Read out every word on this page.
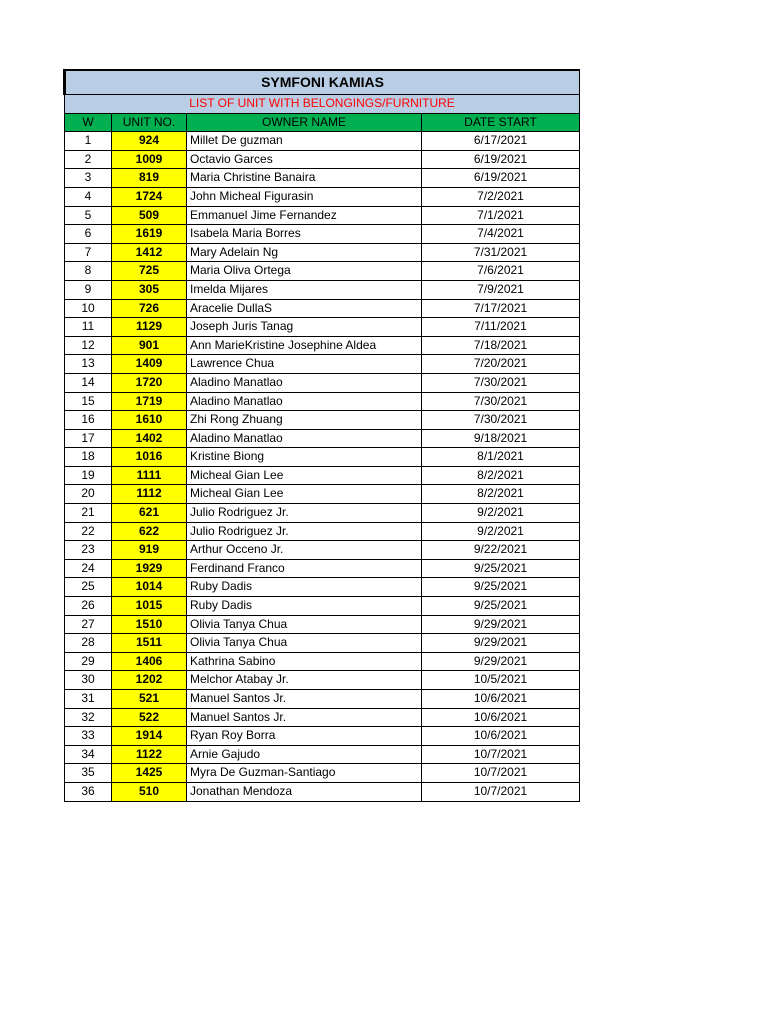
SYMFONI KAMIAS			
LIST OF UNIT WITH BELONGINGS/FURNITURE			
W	UNIT NO.	OWNER NAME	DATE START
1	924	Millet De guzman	6/17/2021
2	1009	Octavio Garces	6/19/2021
3	819	Maria Christine Banaira	6/19/2021
4	1724	John Micheal Figurasin	7/2/2021
5	509	Emmanuel Jime Fernandez	7/1/2021
6	1619	Isabela Maria Borres	7/4/2021
7	1412	Mary Adelain Ng	7/31/2021
8	725	Maria Oliva Ortega	7/6/2021
9	305	Imelda Mijares	7/9/2021
10	726	Aracelie DullaS	7/17/2021
11	1129	Joseph Juris Tanag	7/11/2021
12	901	Ann MarieKristine Josephine Aldea	7/18/2021
13	1409	Lawrence Chua	7/20/2021
14	1720	Aladino Manatlao	7/30/2021
15	1719	Aladino Manatlao	7/30/2021
16	1610	Zhi Rong Zhuang	7/30/2021
17	1402	Aladino Manatlao	9/18/2021
18	1016	Kristine Biong	8/1/2021
19	1111	Micheal Gian Lee	8/2/2021
20	1112	Micheal Gian Lee	8/2/2021
21	621	Julio Rodriguez Jr.	9/2/2021
22	622	Julio Rodriguez Jr.	9/2/2021
23	919	Arthur Occeno Jr.	9/22/2021
24	1929	Ferdinand Franco	9/25/2021
25	1014	Ruby Dadis	9/25/2021
26	1015	Ruby Dadis	9/25/2021
27	1510	Olivia Tanya Chua	9/29/2021
28	1511	Olivia Tanya Chua	9/29/2021
29	1406	Kathrina Sabino	9/29/2021
30	1202	Melchor Atabay Jr.	10/5/2021
31	521	Manuel Santos Jr.	10/6/2021
32	522	Manuel Santos Jr.	10/6/2021
33	1914	Ryan Roy Borra	10/6/2021
34	1122	Arnie Gajudo	10/7/2021
35	1425	Myra De Guzman-Santiago	10/7/2021
36	510	Jonathan Mendoza	10/7/2021
